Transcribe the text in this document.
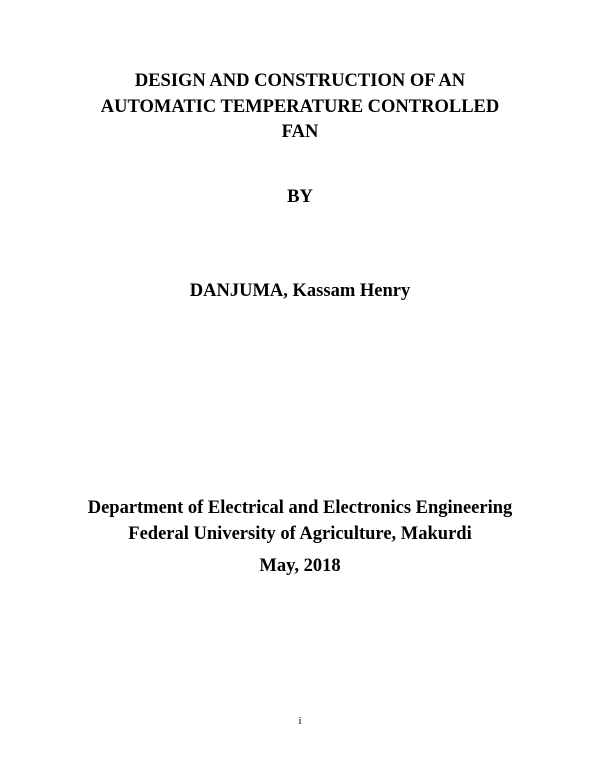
DESIGN AND CONSTRUCTION OF AN
AUTOMATIC TEMPERATURE CONTROLLED
FAN
BY
DANJUMA, Kassam Henry
Department of Electrical and Electronics Engineering
Federal University of Agriculture, Makurdi
May, 2018
i
